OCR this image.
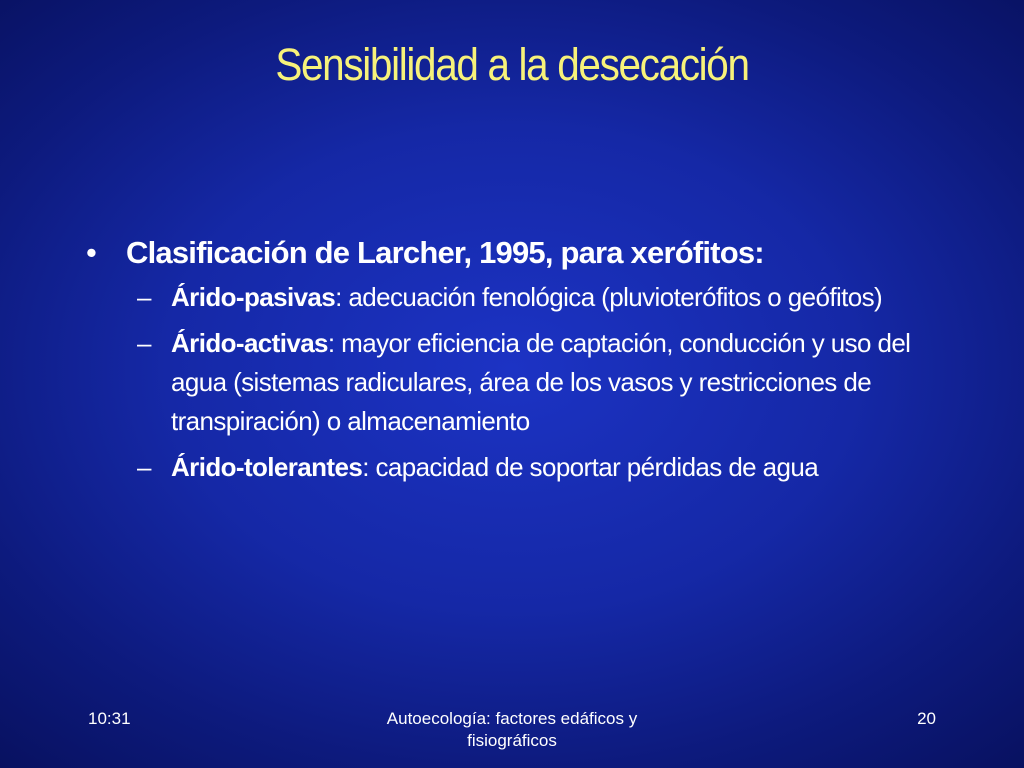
Sensibilidad a la desecación
• Clasificación de Larcher, 1995, para xerófitos:
– Árido-pasivas: adecuación fenológica (pluvioterófitos o geófitos)
– Árido-activas: mayor eficiencia de captación, conducción y uso del agua (sistemas radiculares, área de los vasos y restricciones de transpiración) o almacenamiento
– Árido-tolerantes: capacidad de soportar pérdidas de agua
10:31	Autoecología: factores edáficos y fisiográficos
20
